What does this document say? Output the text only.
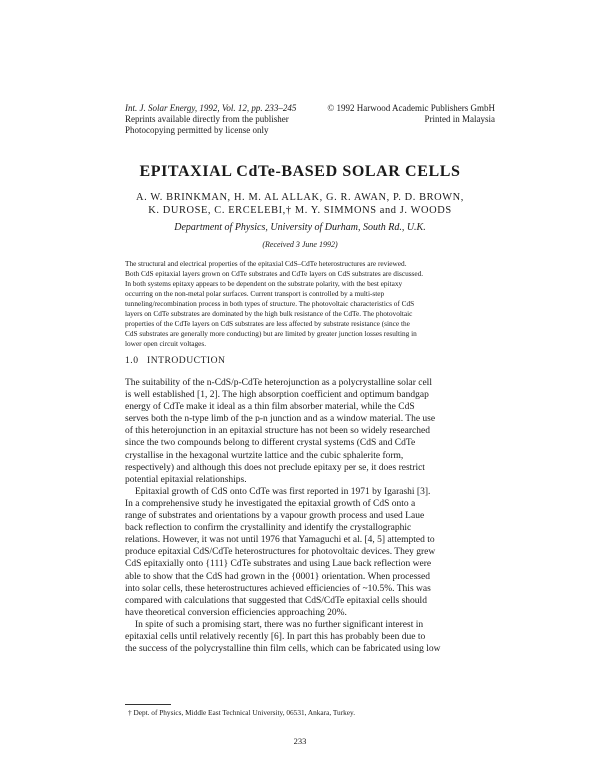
Int. J. Solar Energy, 1992, Vol. 12, pp. 233–245
Reprints available directly from the publisher
Photocopying permitted by license only
© 1992 Harwood Academic Publishers GmbH
Printed in Malaysia
EPITAXIAL CdTe-BASED SOLAR CELLS
A. W. BRINKMAN, H. M. AL ALLAK, G. R. AWAN, P. D. BROWN,
K. DUROSE, C. ERCELEBI,† M. Y. SIMMONS and J. WOODS
Department of Physics, University of Durham, South Rd., U.K.
(Received 3 June 1992)
The structural and electrical properties of the epitaxial CdS–CdTe heterostructures are reviewed.
Both CdS epitaxial layers grown on CdTe substrates and CdTe layers on CdS substrates are discussed.
In both systems epitaxy appears to be dependent on the substrate polarity, with the best epitaxy
occurring on the non-metal polar surfaces. Current transport is controlled by a multi-step
tunneling/recombination process in both types of structure. The photovoltaic characteristics of CdS
layers on CdTe substrates are dominated by the high bulk resistance of the CdTe. The photovoltaic
properties of the CdTe layers on CdS substrates are less affected by substrate resistance (since the
CdS substrates are generally more conducting) but are limited by greater junction losses resulting in
lower open circuit voltages.
1.0 INTRODUCTION
The suitability of the n-CdS/p-CdTe heterojunction as a polycrystalline solar cell
is well established [1, 2]. The high absorption coefficient and optimum bandgap
energy of CdTe make it ideal as a thin film absorber material, while the CdS
serves both the n-type limb of the p-n junction and as a window material. The use
of this heterojunction in an epitaxial structure has not been so widely researched
since the two compounds belong to different crystal systems (CdS and CdTe
crystallise in the hexagonal wurtzite lattice and the cubic sphalerite form,
respectively) and although this does not preclude epitaxy per se, it does restrict
potential epitaxial relationships.
Epitaxial growth of CdS onto CdTe was first reported in 1971 by Igarashi [3].
In a comprehensive study he investigated the epitaxial growth of CdS onto a
range of substrates and orientations by a vapour growth process and used Laue
back reflection to confirm the crystallinity and identify the crystallographic
relations. However, it was not until 1976 that Yamaguchi et al. [4, 5] attempted to
produce epitaxial CdS/CdTe heterostructures for photovoltaic devices. They grew
CdS epitaxially onto {111} CdTe substrates and using Laue back reflection were
able to show that the CdS had grown in the {0001} orientation. When processed
into solar cells, these heterostructures achieved efficiencies of ~10.5%. This was
compared with calculations that suggested that CdS/CdTe epitaxial cells should
have theoretical conversion efficiencies approaching 20%.
In spite of such a promising start, there was no further significant interest in
epitaxial cells until relatively recently [6]. In part this has probably been due to
the success of the polycrystalline thin film cells, which can be fabricated using low
† Dept. of Physics, Middle East Technical University, 06531, Ankara, Turkey.
233
